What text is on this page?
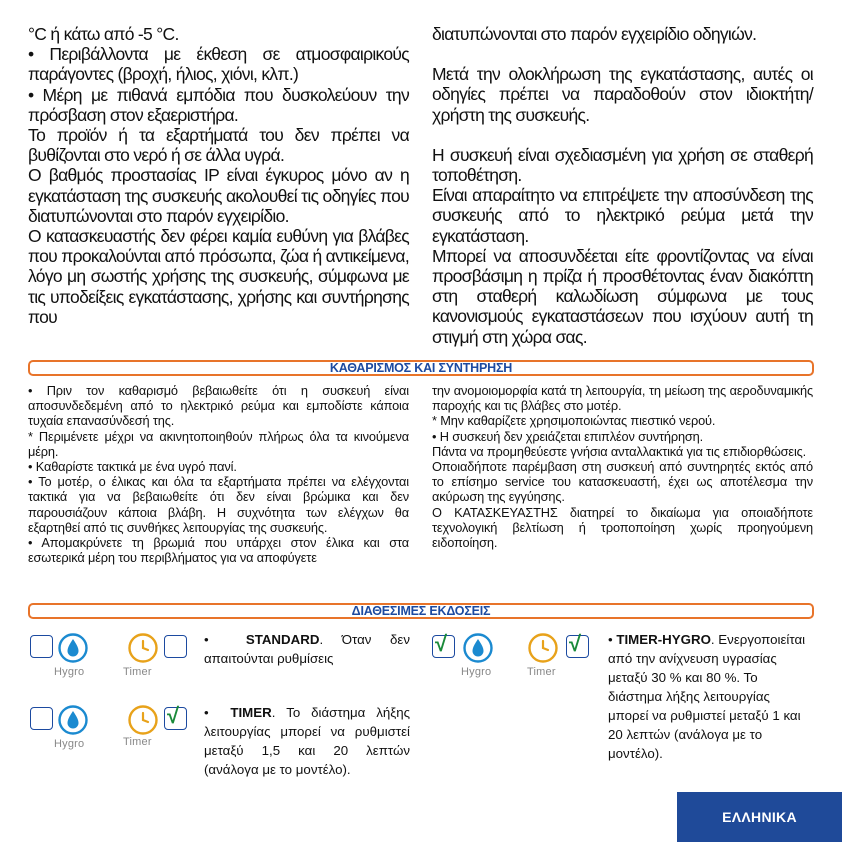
°C ή κάτω από -5 °C.

• Περιβάλλοντα με έκθεση σε ατμοσφαιρικούς παράγοντες (βροχή, ήλιος, χιόνι, κλπ.)

• Μέρη με πιθανά εμπόδια που δυσκολεύουν την πρόσβαση στον εξαεριστήρα.

Το προϊόν ή τα εξαρτήματά του δεν πρέπει να βυθίζονται στο νερό ή σε άλλα υγρά.

Ο βαθμός προστασίας IP είναι έγκυρος μόνο αν η εγκατάσταση της συσκευής ακολουθεί τις οδηγίες που διατυπώνονται στο παρόν εγχειρίδιο.

Ο κατασκευαστής δεν φέρει καμία ευθύνη για βλάβες που προκαλούνται από πρόσωπα, ζώα ή αντικείμενα, λόγο μη σωστής χρήσης της συσκευής, σύμφωνα με τις υποδείξεις εγκατάστασης, χρήσης και συντήρησης που

διατυπώνονται στο παρόν εγχειρίδιο οδηγιών.

Μετά την ολοκλήρωση της εγκατάστασης, αυτές οι οδηγίες πρέπει να παραδοθούν στον ιδιοκτήτη/χρήστη της συσκευής.

Η συσκευή είναι σχεδιασμένη για χρήση σε σταθερή τοποθέτηση.

Είναι απαραίτητο να επιτρέψετε την αποσύνδεση της συσκευής από το ηλεκτρικό ρεύμα μετά την εγκατάσταση.

Μπορεί να αποσυνδέεται είτε φροντίζοντας να είναι προσβάσιμη η πρίζα ή προσθέτοντας έναν διακόπτη στη σταθερή καλωδίωση σύμφωνα με τους κανονισμούς εγκαταστάσεων που ισχύουν αυτή τη στιγμή στη χώρα σας.

ΚΑΘΑΡΙΣΜΟΣ ΚΑΙ ΣΥΝΤΗΡΗΣΗ

• Πριν τον καθαρισμό βεβαιωθείτε ότι η συσκευή είναι αποσυνδεδεμένη από το ηλεκτρικό ρεύμα και εμποδίστε κάποια τυχαία επανασύνδεσή της.

* Περιμένετε μέχρι να ακινητοποιηθούν πλήρως όλα τα κινούμενα μέρη.

• Καθαρίστε τακτικά με ένα υγρό πανί.

• Το μοτέρ, ο έλικας και όλα τα εξαρτήματα πρέπει να ελέγχονται τακτικά για να βεβαιωθείτε ότι δεν είναι βρώμικα και δεν παρουσιάζουν κάποια βλάβη. Η συχνότητα των ελέγχων θα εξαρτηθεί από τις συνθήκες λειτουργίας της συσκευής.

• Απομακρύνετε τη βρωμιά που υπάρχει στον έλικα και στα εσωτερικά μέρη του περιβλήματος για να αποφύγετε

την ανομοιομορφία κατά τη λειτουργία, τη μείωση της αεροδυναμικής παροχής και τις βλάβες στο μοτέρ.

* Μην καθαρίζετε χρησιμοποιώντας πιεστικό νερού.

• Η συσκευή δεν χρειάζεται επιπλέον συντήρηση.

Πάντα να προμηθεύεστε γνήσια ανταλλακτικά για τις επιδιορθώσεις.

Οποιαδήποτε παρέμβαση στη συσκευή από συντηρητές εκτός από το επίσημο service του κατασκευαστή, έχει ως αποτέλεσμα την ακύρωση της εγγύησης.

Ο ΚΑΤΑΣΚΕΥΑΣΤΗΣ διατηρεί το δικαίωμα για οποιαδήποτε τεχνολογική βελτίωση ή τροποποίηση χωρίς προηγούμενη ειδοποίηση.

ΔΙΑΘΕΣΙΜΕΣ ΕΚΔΟΣΕΙΣ
Hygro	Timer

•	STANDARD. Όταν δεν απαιτούνται ρυθμίσεις

Hygro	Timer
√ • TIMER. Το διάστημα λήξης λειτουργίας μπορεί να ρυθμιστεί μεταξύ 1,5 και 20 λεπτών (ανάλογα με το μοντέλο).

√
Hygro	Timer
√ • TIMER-HYGRO. Ενεργοποιείται από την ανίχνευση υγρασίας μεταξύ 30 % και 80 %. Το διάστημα λήξης λειτουργίας μπορεί να ρυθμιστεί μεταξύ 1 και 20 λεπτών (ανάλογα με το μοντέλο).

ΕΛΛΗΝΙΚΑ
